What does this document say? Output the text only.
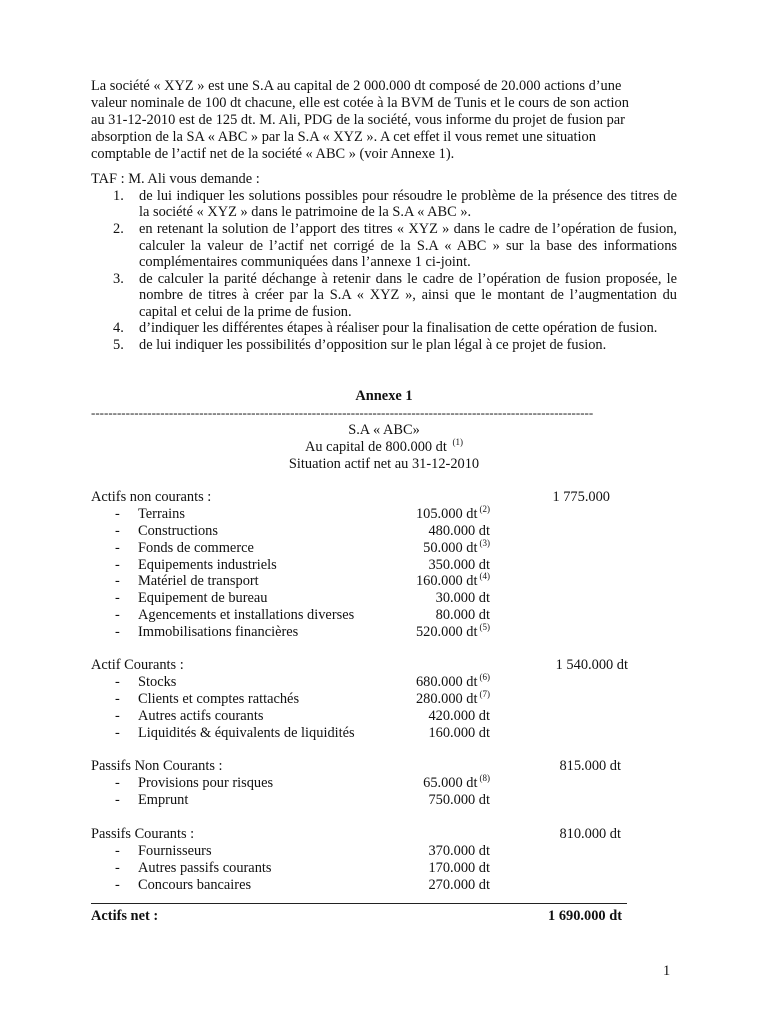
La société « XYZ » est une S.A au capital de 2 000.000 dt composé de 20.000 actions d’une

valeur nominale de 100 dt chacune, elle est cotée à la BVM de Tunis et le cours de son action

au 31-12-2010 est de 125 dt. M. Ali, PDG de la société, vous informe du projet de fusion par

absorption de la SA « ABC » par la S.A « XYZ ». A cet effet il vous remet une situation

comptable de l’actif net de la société « ABC » (voir Annexe 1).

TAF : M. Ali vous demande :
1. de lui indiquer les solutions possibles pour résoudre le problème de la présence des titres de la société « XYZ » dans le patrimoine de la S.A « ABC ».
2. en retenant la solution de l’apport des titres « XYZ » dans le cadre de l’opération de fusion, calculer la valeur de l’actif net corrigé de la S.A « ABC » sur la base des informations complémentaires communiquées dans l’annexe 1 ci-joint.
3. de calculer la parité déchange à retenir dans le cadre de l’opération de fusion proposée, le nombre de titres à créer par la S.A « XYZ », ainsi que le montant de l’augmentation du capital et celui de la prime de fusion.
4. d’indiquer les différentes étapes à réaliser pour la finalisation de cette opération de fusion.
5. de lui indiquer les possibilités d’opposition sur le plan légal à ce projet de fusion.
Annexe 1
--------------------------------------------------------------------------------------------------------------------
S.A « ABC»
Au capital de 800.000 dt $^{(1)}$
Situation actif net au 31-12-2010
Actifs non courants :	1 775.000
- Terrains	105.000 dt $^{(2)}$
- Constructions	480.000 dt
- Fonds de commerce	50.000 dt $^{(3)}$
- Equipements industriels	350.000 dt
- Matériel de transport	160.000 dt $^{(4)}$
- Equipement de bureau	30.000 dt
- Agencements et installations diverses	80.000 dt
- Immobilisations financières	520.000 dt $^{(5)}$
Actif Courants :	1 540.000 dt
- Stocks	680.000 dt $^{(6)}$
- Clients et comptes rattachés	280.000 dt $^{(7)}$
- Autres actifs courants	420.000 dt
- Liquidités & équivalents de liquidités	160.000 dt
Passifs Non Courants :	815.000 dt
- Provisions pour risques	65.000 dt $^{(8)}$
- Emprunt	750.000 dt
Passifs Courants :	810.000 dt
- Fournisseurs	370.000 dt
- Autres passifs courants	170.000 dt
- Concours bancaires	270.000 dt
Actifs net :	1 690.000 dt
1
